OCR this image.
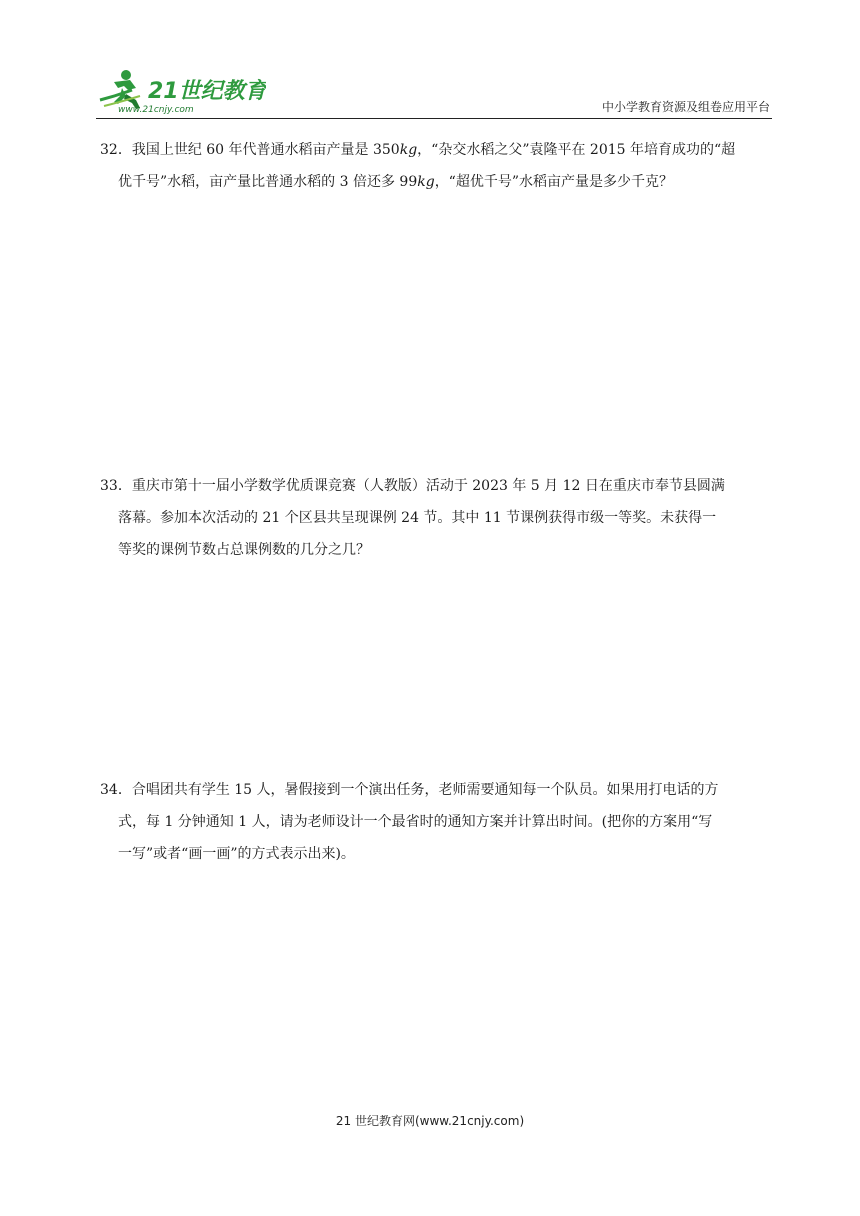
21世纪教育
www.21cnjy.com	中小学教育资源及组卷应用平台
32．我国上世纪 60 年代普通水稻亩产量是 350kg，“杂交水稻之父”袁隆平在 2015 年培育成功的“超
优千号”水稻，亩产量比普通水稻的 3 倍还多 99kg，“超优千号”水稻亩产量是多少千克？
33．重庆市第十一届小学数学优质课竞赛（人教版）活动于 2023 年 5 月 12 日在重庆市奉节县圆满
落幕。参加本次活动的 21 个区县共呈现课例 24 节。其中 11 节课例获得市级一等奖。未获得一
等奖的课例节数占总课例数的几分之几？
34．合唱团共有学生 15 人，暑假接到一个演出任务，老师需要通知每一个队员。如果用打电话的方
式，每 1 分钟通知 1 人，请为老师设计一个最省时的通知方案并计算出时间。(把你的方案用“写
一写”或者“画一画”的方式表示出来)。
21 世纪教育网(www.21cnjy.com)
